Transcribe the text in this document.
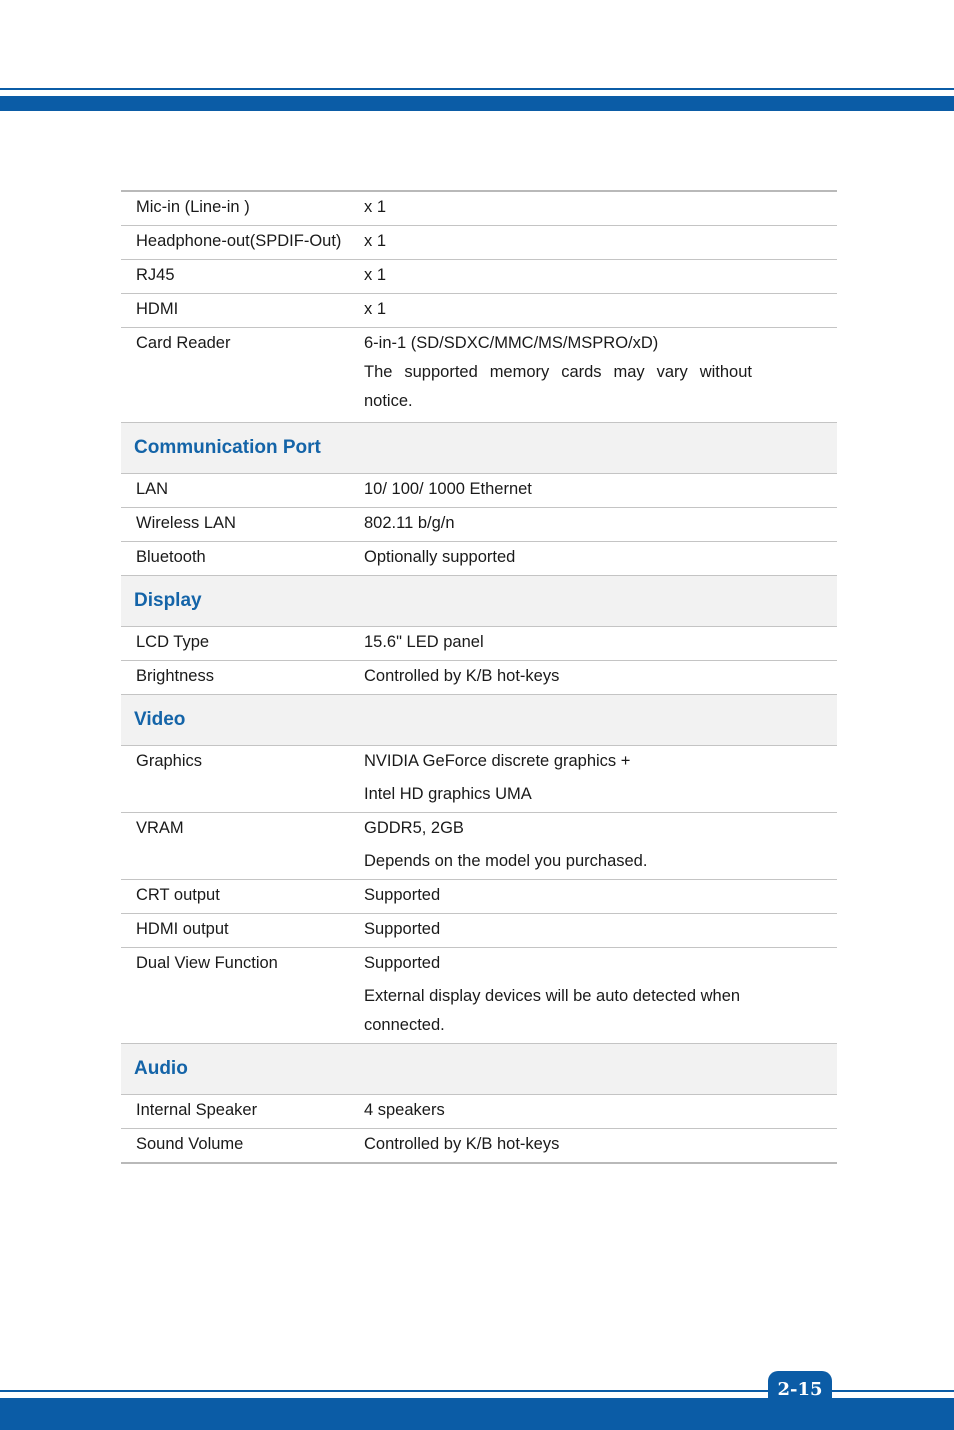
Mic-in (Line-in )	x 1
Headphone-out(SPDIF-Out)	x 1
RJ45	x 1
HDMI	x 1
Card Reader	6-in-1 (SD/SDXC/MMC/MS/MSPRO/xD)
The supported memory cards may vary without notice.
Communication Port
LAN	10/ 100/ 1000 Ethernet
Wireless LAN	802.11 b/g/n
Bluetooth	Optionally supported
Display
LCD Type	15.6" LED panel
Brightness	Controlled by K/B hot-keys
Video
Graphics	NVIDIA GeForce discrete graphics +
Intel HD graphics UMA
VRAM	GDDR5, 2GB
Depends on the model you purchased.
CRT output	Supported
HDMI output	Supported
Dual View Function	Supported
External display devices will be auto detected when connected.
Audio
Internal Speaker	4 speakers
Sound Volume	Controlled by K/B hot-keys
2-15
